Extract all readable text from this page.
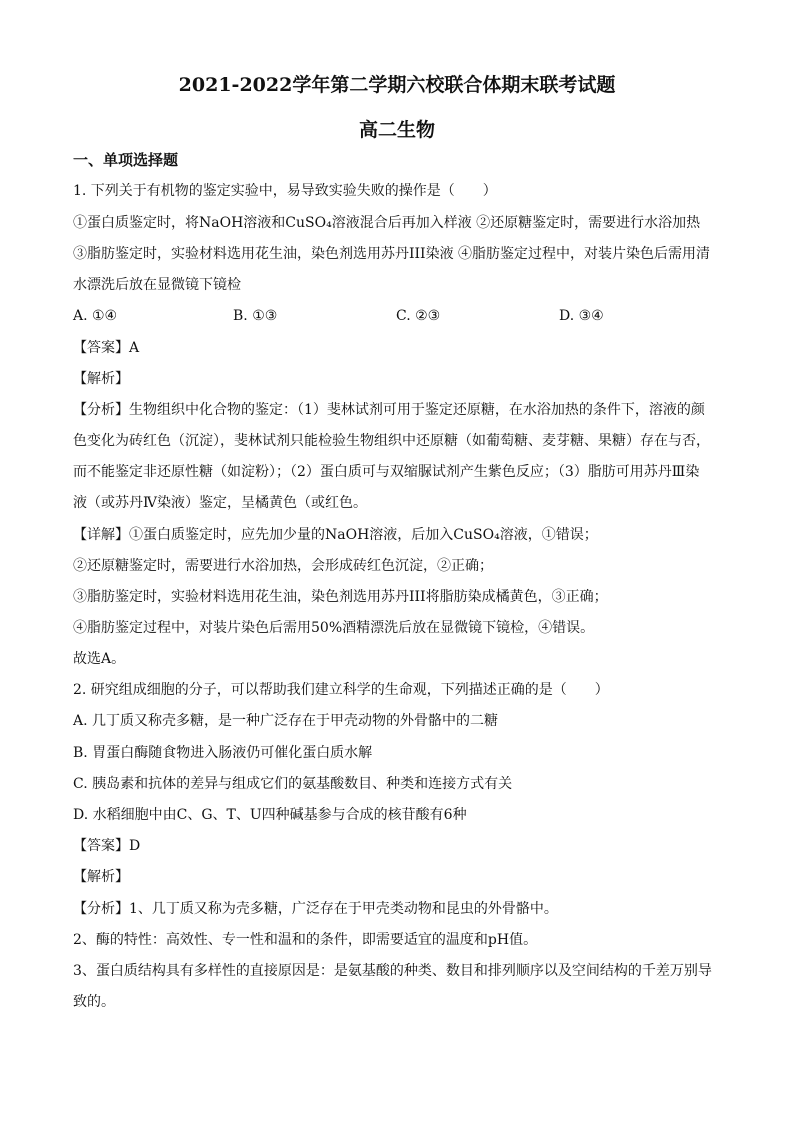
2021-2022学年第二学期六校联合体期末联考试题
高二生物
一、单项选择题
1. 下列关于有机物的鉴定实验中，易导致实验失败的操作是（　　）
①蛋白质鉴定时，将NaOH溶液和CuSO₄溶液混合后再加入样液 ②还原糖鉴定时，需要进行水浴加热
③脂肪鉴定时，实验材料选用花生油，染色剂选用苏丹III染液 ④脂肪鉴定过程中，对装片染色后需用清
水漂洗后放在显微镜下镜检
A. ①④	B. ①③	C. ②③	D. ③④
【答案】A
【解析】
【分析】生物组织中化合物的鉴定：（1）斐林试剂可用于鉴定还原糖，在水浴加热的条件下，溶液的颜
色变化为砖红色（沉淀），斐林试剂只能检验生物组织中还原糖（如葡萄糖、麦芽糖、果糖）存在与否，
而不能鉴定非还原性糖（如淀粉）；（2）蛋白质可与双缩脲试剂产生紫色反应；（3）脂肪可用苏丹Ⅲ染
液（或苏丹Ⅳ染液）鉴定，呈橘黄色（或红色。
【详解】①蛋白质鉴定时，应先加少量的NaOH溶液，后加入CuSO₄溶液，①错误；
②还原糖鉴定时，需要进行水浴加热，会形成砖红色沉淀，②正确；
③脂肪鉴定时，实验材料选用花生油，染色剂选用苏丹III将脂肪染成橘黄色，③正确；
④脂肪鉴定过程中，对装片染色后需用50%酒精漂洗后放在显微镜下镜检，④错误。
故选A。
2. 研究组成细胞的分子，可以帮助我们建立科学的生命观，下列描述正确的是（　　）
A. 几丁质又称壳多糖，是一种广泛存在于甲壳动物的外骨骼中的二糖
B. 胃蛋白酶随食物进入肠液仍可催化蛋白质水解
C. 胰岛素和抗体的差异与组成它们的氨基酸数目、种类和连接方式有关
D. 水稻细胞中由C、G、T、U四种碱基参与合成的核苷酸有6种
【答案】D
【解析】
【分析】1、几丁质又称为壳多糖，广泛存在于甲壳类动物和昆虫的外骨骼中。
2、酶的特性：高效性、专一性和温和的条件，即需要适宜的温度和pH值。
3、蛋白质结构具有多样性的直接原因是：是氨基酸的种类、数目和排列顺序以及空间结构的千差万别导
致的。
